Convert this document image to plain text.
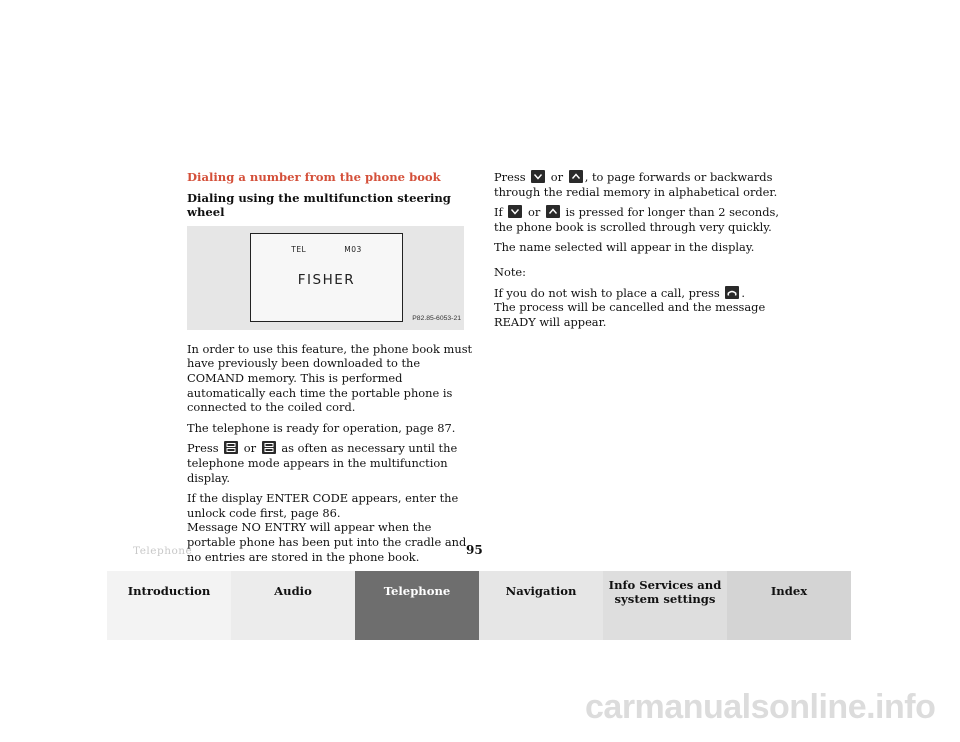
Dialing a number from the phone book

Dialing using the multifunction steering wheel

TEL	M03
FISHER
P82.85-6053-21

In order to use this feature, the phone book must have previously been downloaded to the COMAND memory. This is performed automatically each time the portable phone is connected to the coiled cord.

The telephone is ready for operation, page 87.

Press or as often as necessary until the telephone mode appears in the multifunction display.

If the display ENTER CODE appears, enter the unlock code first, page 86.
Message NO ENTRY will appear when the portable phone has been put into the cradle and no entries are stored in the phone book.

Press or , to page forwards or backwards through the redial memory in alphabetical order.

If or is pressed for longer than 2 seconds, the phone book is scrolled through very quickly.

The name selected will appear in the display.

Note:

If you do not wish to place a call, press .
The process will be cancelled and the message READY will appear.

Telephone	95
Introduction	Audio	Telephone	Navigation	Info Services and system settings
Index
carmanualsonline.info
